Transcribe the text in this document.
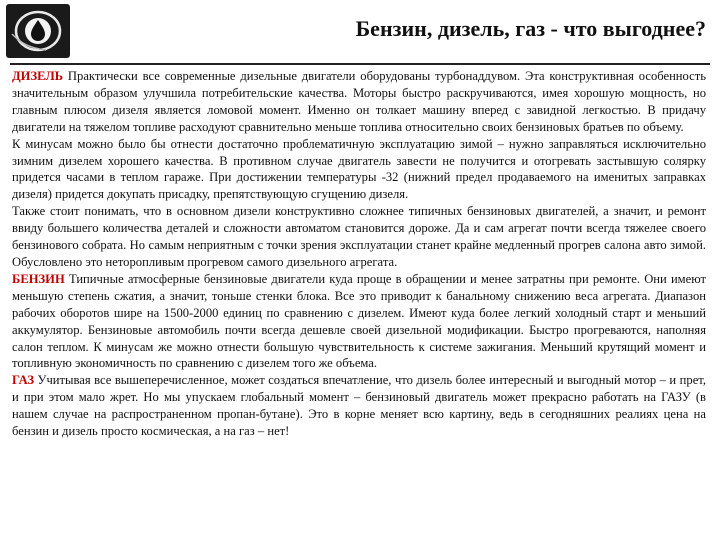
Бензин, дизель, газ - что выгоднее?

ДИЗЕЛЬ Практически все современные дизельные двигатели оборудованы турбонаддувом. Эта конструктивная особенность значительным образом улучшила потребительские качества. Моторы быстро раскручиваются, имея хорошую мощность, но главным плюсом дизеля является ломовой момент. Именно он толкает машину вперед с завидной легкостью. В придачу двигатели на тяжелом топливе расходуют сравнительно меньше топлива относительно своих бензиновых братьев по объему.

К минусам можно было бы отнести достаточно проблематичную эксплуатацию зимой – нужно заправляться исключительно зимним дизелем хорошего качества. В противном случае двигатель завести не получится и отогревать застывшую солярку придется часами в теплом гараже. При достижении температуры -32 (нижний предел продаваемого на именитых заправках дизеля) придется докупать присадку, препятствующую сгущению дизеля.

Также стоит понимать, что в основном дизели конструктивно сложнее типичных бензиновых двигателей, а значит, и ремонт ввиду большего количества деталей и сложности автоматом становится дороже. Да и сам агрегат почти всегда тяжелее своего бензинового собрата. Но самым неприятным с точки зрения эксплуатации станет крайне медленный прогрев салона авто зимой. Обусловлено это неторопливым прогревом самого дизельного агрегата.

БЕНЗИН Типичные атмосферные бензиновые двигатели куда проще в обращении и менее затратны при ремонте. Они имеют меньшую степень сжатия, а значит, тоньше стенки блока. Все это приводит к банальному снижению веса агрегата. Диапазон рабочих оборотов шире на 1500-2000 единиц по сравнению с дизелем. Имеют куда более легкий холодный старт и меньший аккумулятор. Бензиновые автомобиль почти всегда дешевле своей дизельной модификации. Быстро прогреваются, наполняя салон теплом. К минусам же можно отнести большую чувствительность к системе зажигания. Меньший крутящий момент и топливную экономичность по сравнению с дизелем того же объема.

ГАЗ Учитывая все вышеперечисленное, может создаться впечатление, что дизель более интересный и выгодный мотор – и прет, и при этом мало жрет. Но мы упускаем глобальный момент – бензиновый двигатель может прекрасно работать на ГАЗУ (в нашем случае на распространенном пропан-бутане). Это в корне меняет всю картину, ведь в сегодняшних реалиях цена на бензин и дизель просто космическая, а на газ – нет!
